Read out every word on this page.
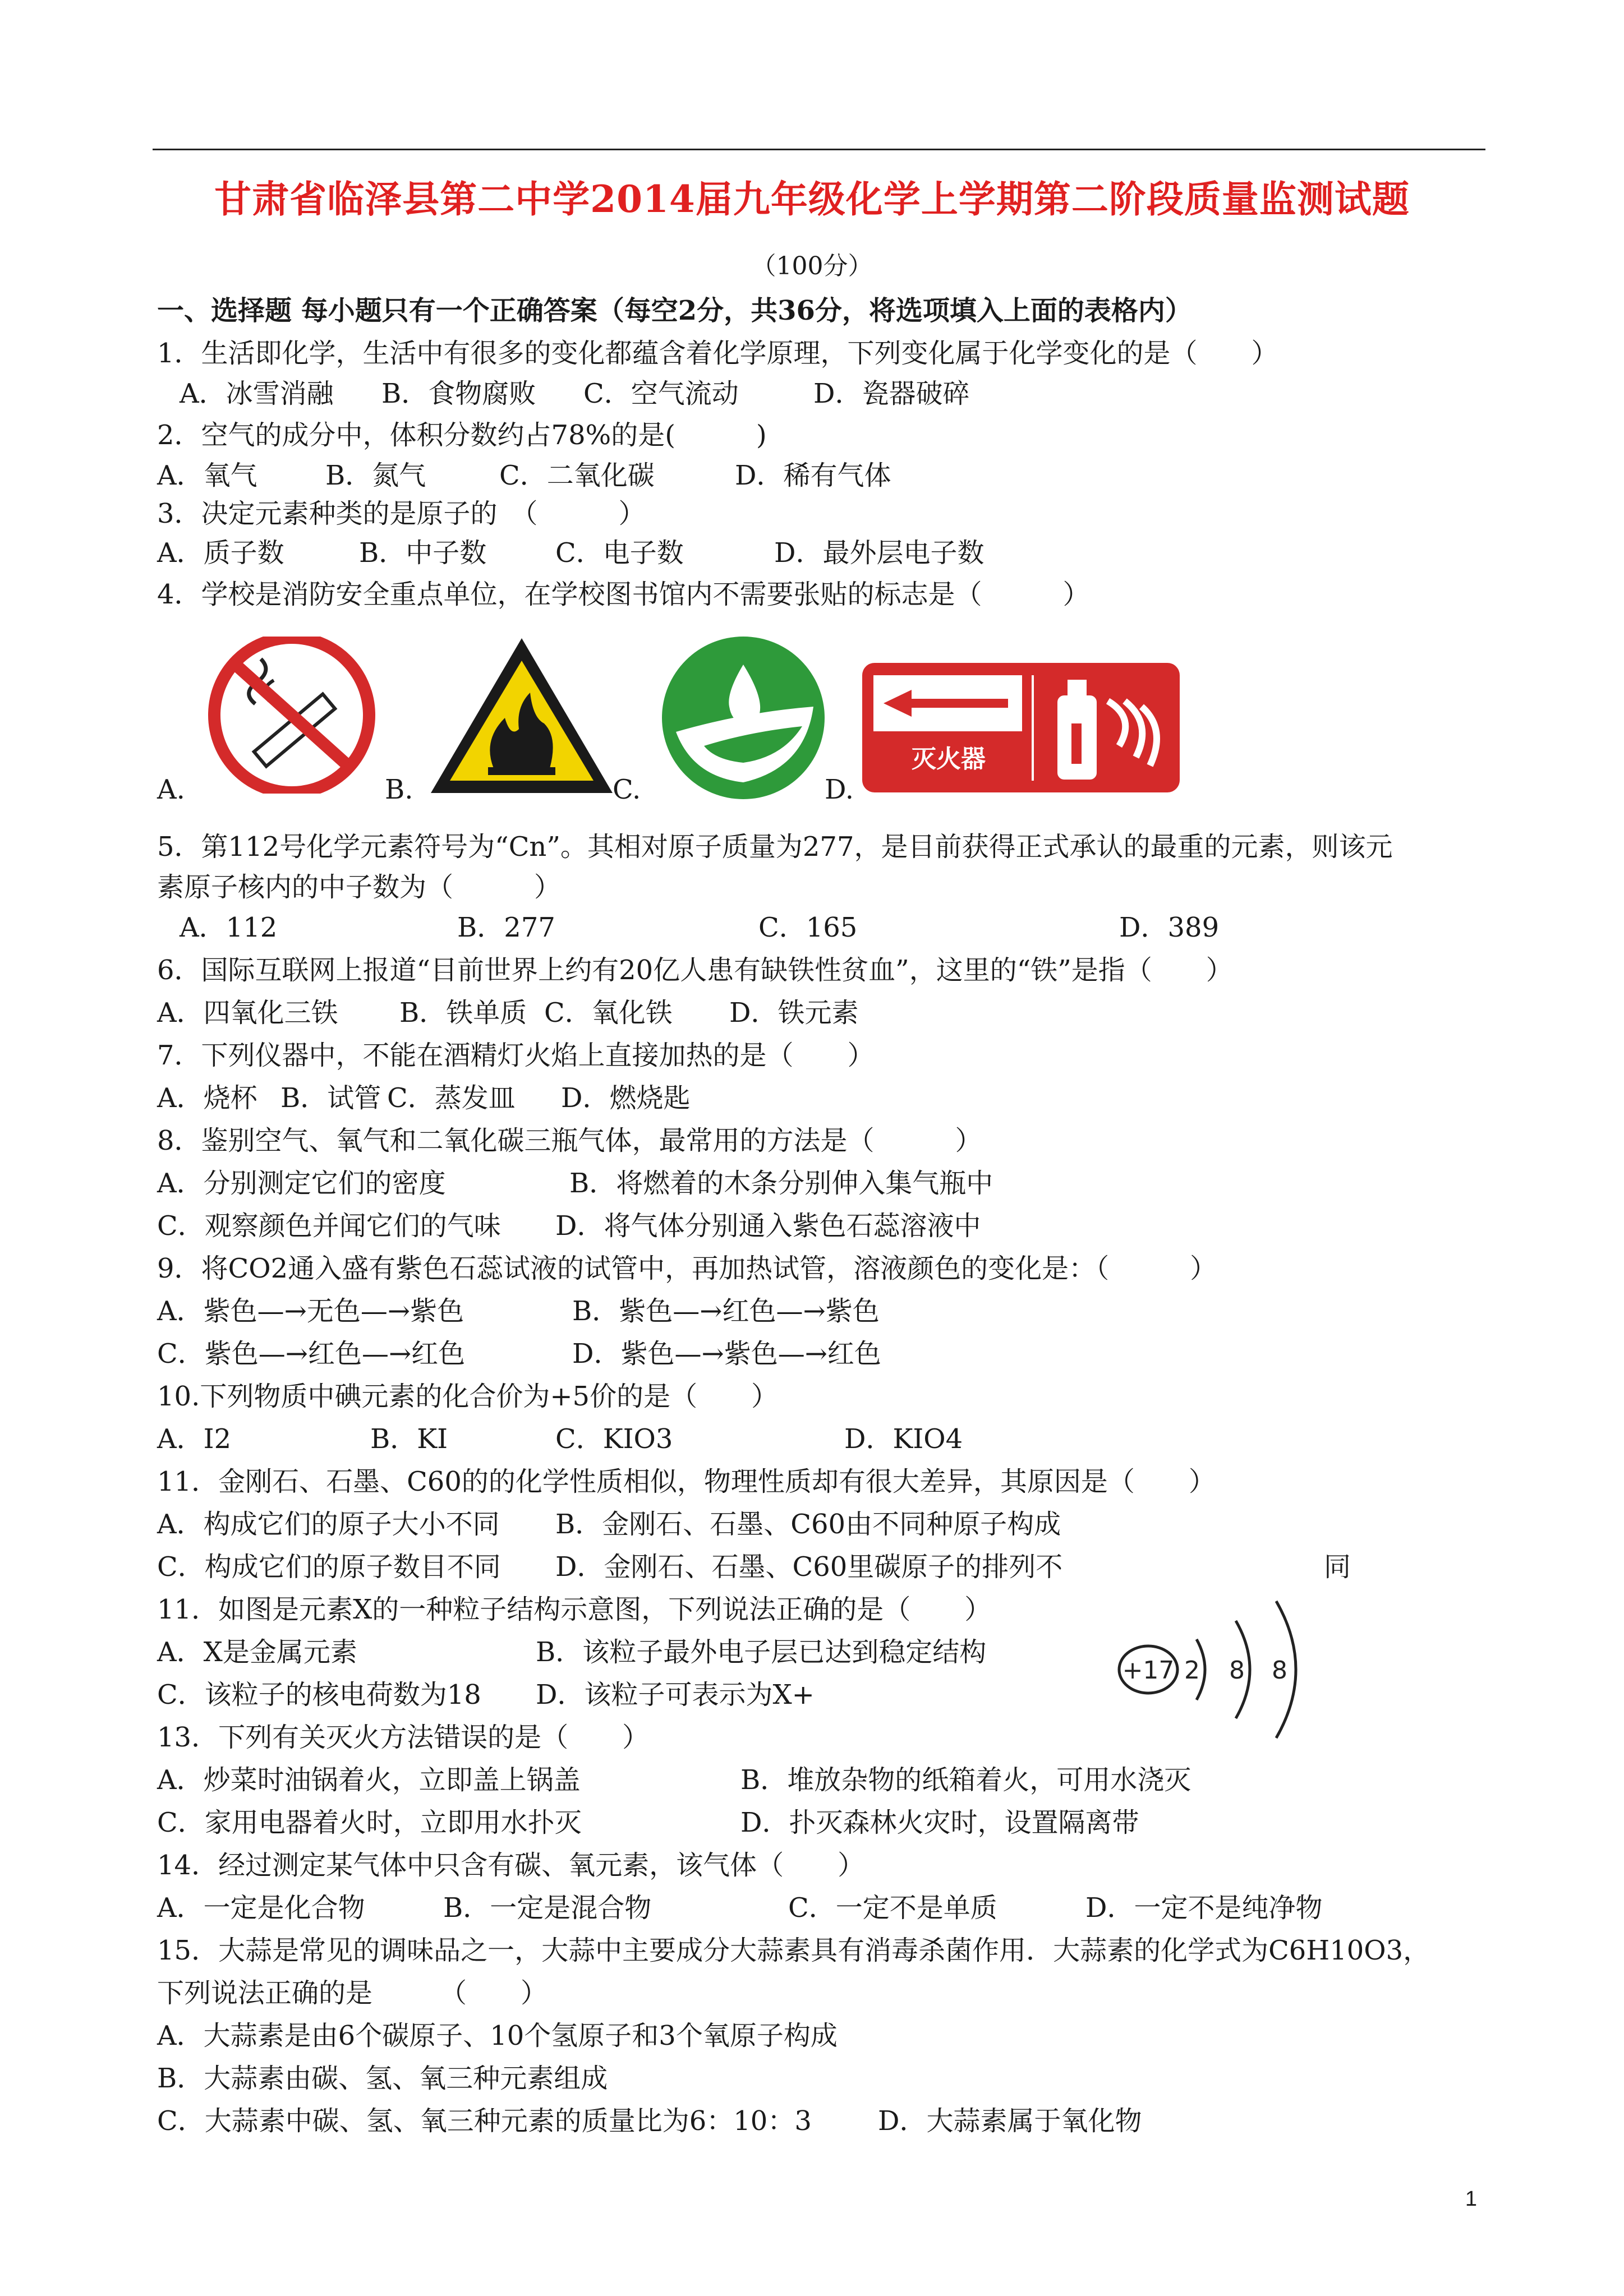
甘肃省临泽县第二中学2014届九年级化学上学期第二阶段质量监测试题
（100分）
一、选择题 每小题只有一个正确答案（每空2分，共36分，将选项填入上面的表格内）
1．生活即化学，生活中有很多的变化都蕴含着化学原理，下列变化属于化学变化的是（　　）

A．冰雪消融

B．食物腐败

C．空气流动

	D．瓷器破碎

2．空气的成分中，体积分数约占78%的是(　　　)

A．氧气

	B．氮气

	C．二氧化碳

	D．稀有气体

3．决定元素种类的是原子的　（　　　）

A．质子数

	B．中子数

	C．电子数

	D．最外层电子数

4．学校是消防安全重点单位，在学校图书馆内不需要张贴的标志是（　　　）
灭火器

A.

	B.

	C.

	D.

5．第112号化学元素符号为“Cn”。其相对原子质量为277，是目前获得正式承认的最重的元素，则该元
素原子核内的中子数为（　　　）

A．112

	B．277

	C．165

	D．389

6．国际互联网上报道“目前世界上约有20亿人患有缺铁性贫血”，这里的“铁”是指（　　）

A．四氧化三铁

B．铁单质

C．氧化铁

D．铁元素

7．下列仪器中，不能在酒精灯火焰上直接加热的是（　　）

A．烧杯

B．试管

C．蒸发皿

D．燃烧匙

8．鉴别空气、氧气和二氧化碳三瓶气体，最常用的方法是（　　　）

A．分别测定它们的密度

	B．将燃着的木条分别伸入集气瓶中

C．观察颜色并闻它们的气味

D．将气体分别通入紫色石蕊溶液中

9．将CO2通入盛有紫色石蕊试液的试管中，再加热试管，溶液颜色的变化是：（　　　）

A．紫色—→无色—→紫色

	B．紫色—→红色—→紫色

C．紫色—→红色—→红色

	D．紫色—→紫色—→红色

10.下列物质中碘元素的化合价为+5价的是（　　）

A．I2

	B．KI

	C．KIO3

	D．KIO4

11．金刚石、石墨、C60的的化学性质相似，物理性质却有很大差异，其原因是（　　）

A．构成它们的原子大小不同

B．金刚石、石墨、C60由不同种原子构成

C．构成它们的原子数目不同

D．金刚石、石墨、C60里碳原子的排列不

	同

11．如图是元素X的一种粒子结构示意图，下列说法正确的是（　　）

A．X是金属元素

	B．该粒子最外电子层已达到稳定结构

C．该粒子的核电荷数为18

D．该粒子可表示为X+

+17 2 8 8
13．下列有关灭火方法错误的是（　　）

A．炒菜时油锅着火，立即盖上锅盖

	B．堆放杂物的纸箱着火，可用水浇灭

C．家用电器着火时，立即用水扑灭

	D．扑灭森林火灾时，设置隔离带

14．经过测定某气体中只含有碳、氧元素，该气体（　　）

A．一定是化合物

	B．一定是混合物

	C．一定不是单质

	D．一定不是纯净物

15．大蒜是常见的调味品之一，大蒜中主要成分大蒜素具有消毒杀菌作用．大蒜素的化学式为C6H10O3，
下列说法正确的是　　　（　　）
A．大蒜素是由6个碳原子、10个氢原子和3个氧原子构成
B．大蒜素由碳、氢、氧三种元素组成

C．大蒜素中碳、氢、氧三种元素的质量比为6：10：3

D．大蒜素属于氧化物

1
